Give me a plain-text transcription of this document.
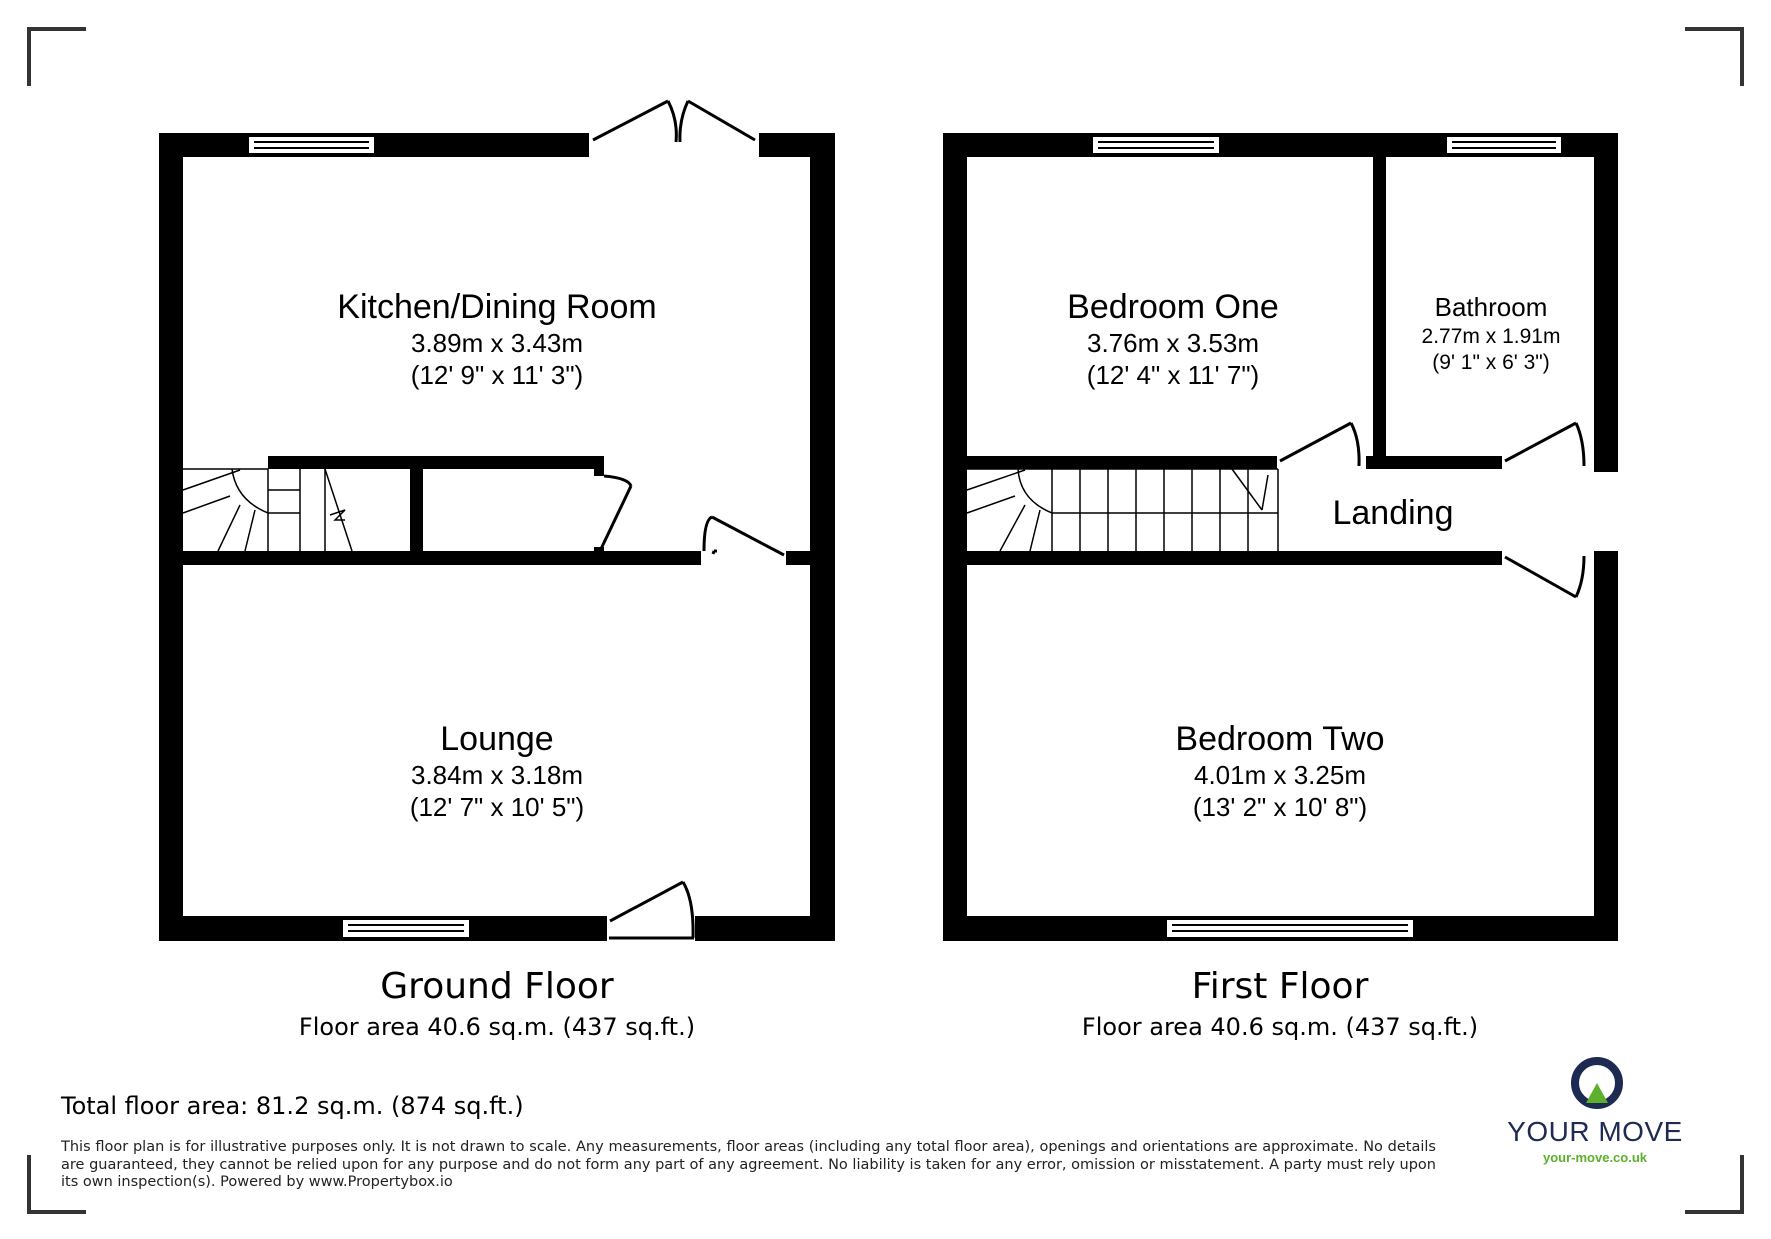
Kitchen/Dining Room
3.89m x 3.43m
(12' 9" x 11' 3")
Lounge
3.84m x 3.18m
(12' 7" x 10' 5")
Bedroom One
3.76m x 3.53m
(12' 4" x 11' 7")
Bathroom
2.77m x 1.91m
(9' 1" x 6' 3")
Landing
Bedroom Two
4.01m x 3.25m
(13' 2" x 10' 8")
Ground Floor
Floor area 40.6 sq.m. (437 sq.ft.)
First Floor
Floor area 40.6 sq.m. (437 sq.ft.)
Total floor area: 81.2 sq.m. (874 sq.ft.)
This floor plan is for illustrative purposes only. It is not drawn to scale. Any measurements, floor areas (including any total floor area), openings and orientations are approximate. No details are guaranteed, they cannot be relied upon for any purpose and do not form any part of any agreement. No liability is taken for any error, omission or misstatement. A party must rely upon its own inspection(s). Powered by www.Propertybox.io
YOUR MOVE
your-move.co.uk
